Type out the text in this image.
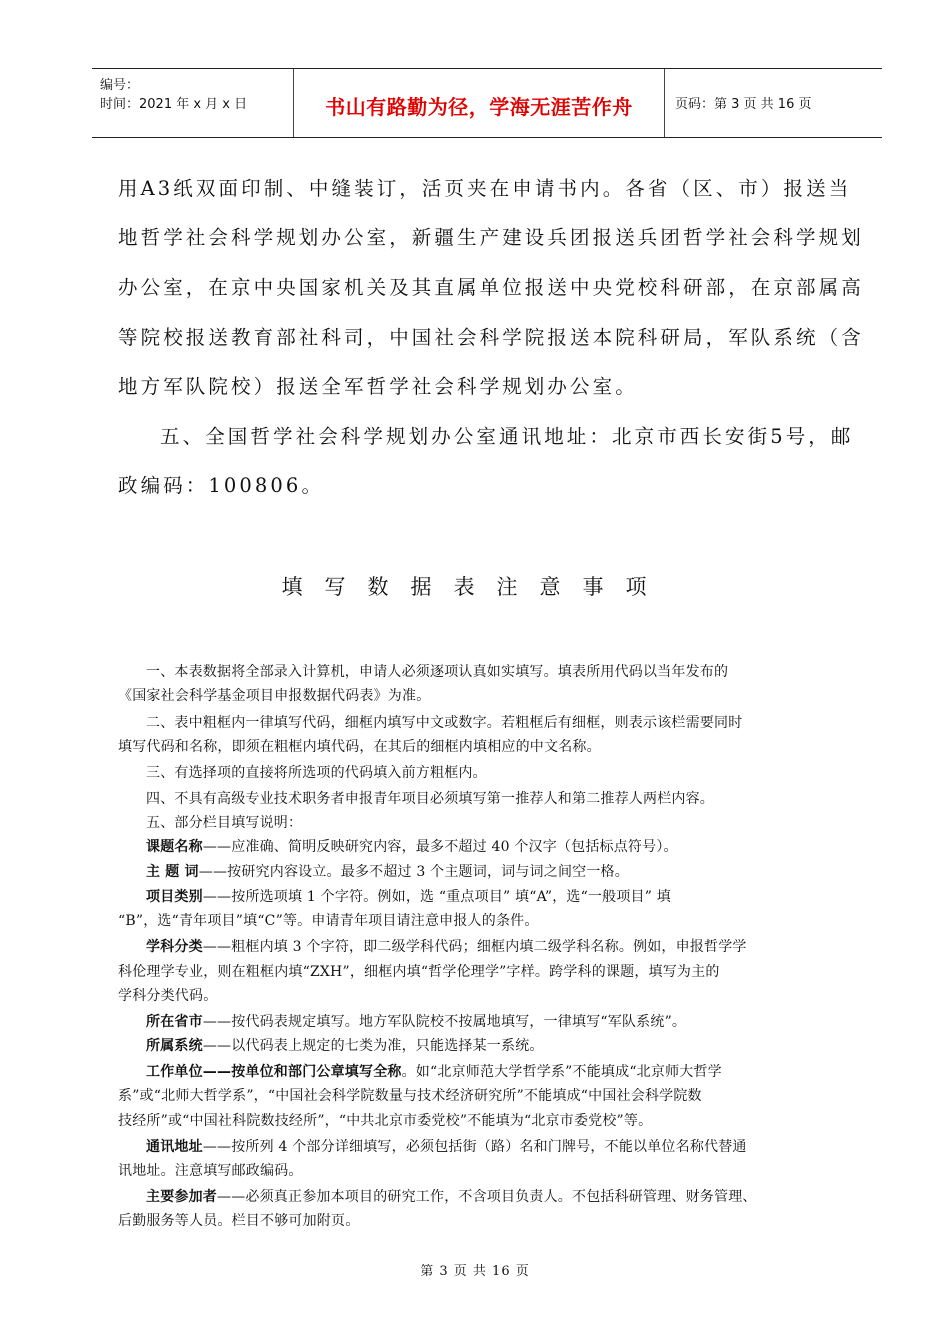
编号：
时间：2021 年 x 月 x 日	书山有路勤为径，学海无涯苦作舟	页码：第 3 页 共 16 页
用A3纸双面印制、中缝装订，活页夹在申请书内。各省（区、市）报送当
地哲学社会科学规划办公室，新疆生产建设兵团报送兵团哲学社会科学规划
办公室，在京中央国家机关及其直属单位报送中央党校科研部，在京部属高
等院校报送教育部社科司，中国社会科学院报送本院科研局，军队系统（含
地方军队院校）报送全军哲学社会科学规划办公室。
五、全国哲学社会科学规划办公室通讯地址：北京市西长安街5号，邮
政编码：100806。
填写数据表注意事项
一、本表数据将全部录入计算机，申请人必须逐项认真如实填写。填表所用代码以当年发布的
《国家社会科学基金项目申报数据代码表》为准。
二、表中粗框内一律填写代码，细框内填写中文或数字。若粗框后有细框，则表示该栏需要同时
填写代码和名称，即须在粗框内填代码，在其后的细框内填相应的中文名称。
三、有选择项的直接将所选项的代码填入前方粗框内。
四、不具有高级专业技术职务者申报青年项目必须填写第一推荐人和第二推荐人两栏内容。
五、部分栏目填写说明：
课题名称——应准确、简明反映研究内容，最多不超过 40 个汉字（包括标点符号）。
主 题 词——按研究内容设立。最多不超过 3 个主题词，词与词之间空一格。
项目类别——按所选项填 1 个字符。例如，选 “重点项目” 填“A”，选“一般项目” 填
“B”，选“青年项目”填“C”等。申请青年项目请注意申报人的条件。
学科分类——粗框内填 3 个字符，即二级学科代码；细框内填二级学科名称。例如，申报哲学学
科伦理学专业，则在粗框内填“ZXH”，细框内填“哲学伦理学”字样。跨学科的课题，填写为主的
学科分类代码。
所在省市——按代码表规定填写。地方军队院校不按属地填写，一律填写“军队系统”。
所属系统——以代码表上规定的七类为准，只能选择某一系统。
工作单位——按单位和部门公章填写全称。如“北京师范大学哲学系”不能填成“北京师大哲学
系”或“北师大哲学系”，“中国社会科学院数量与技术经济研究所”不能填成“中国社会科学院数
技经所”或“中国社科院数技经所”，“中共北京市委党校”不能填为“北京市委党校”等。
通讯地址——按所列 4 个部分详细填写，必须包括街（路）名和门牌号，不能以单位名称代替通
讯地址。注意填写邮政编码。
主要参加者——必须真正参加本项目的研究工作，不含项目负责人。不包括科研管理、财务管理、
后勤服务等人员。栏目不够可加附页。
第 3 页 共 16 页
